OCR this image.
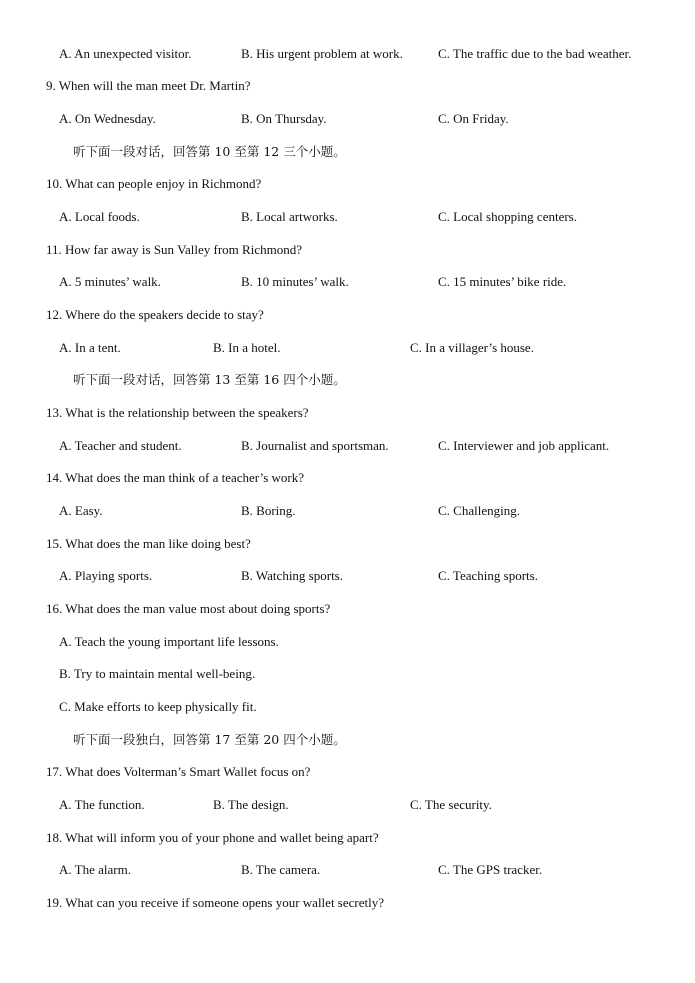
A. An unexpected visitor.	B. His urgent problem at work.	C. The traffic due to the bad weather.
9. When will the man meet Dr. Martin?
A. On Wednesday.	B. On Thursday.	C. On Friday.
听下面一段对话，回答第 10 至第 12 三个小题。
10. What can people enjoy in Richmond?
A. Local foods.	B. Local artworks.	C. Local shopping centers.
11. How far away is Sun Valley from Richmond?
A. 5 minutes’ walk.	B. 10 minutes’ walk.	C. 15 minutes’ bike ride.
12. Where do the speakers decide to stay?
A. In a tent.	B. In a hotel.	C. In a villager’s house.
听下面一段对话，回答第 13 至第 16 四个小题。
13. What is the relationship between the speakers?
A. Teacher and student.	B. Journalist and sportsman.	C. Interviewer and job applicant.
14. What does the man think of a teacher’s work?
A. Easy.	B. Boring.	C. Challenging.
15. What does the man like doing best?
A. Playing sports.	B. Watching sports.	C. Teaching sports.
16. What does the man value most about doing sports?
A. Teach the young important life lessons.
B. Try to maintain mental well-being.
C. Make efforts to keep physically fit.
听下面一段独白，回答第 17 至第 20 四个小题。
17. What does Volterman’s Smart Wallet focus on?
A. The function.	B. The design.	C. The security.
18. What will inform you of your phone and wallet being apart?
A. The alarm.	B. The camera.	C. The GPS tracker.
19. What can you receive if someone opens your wallet secretly?
